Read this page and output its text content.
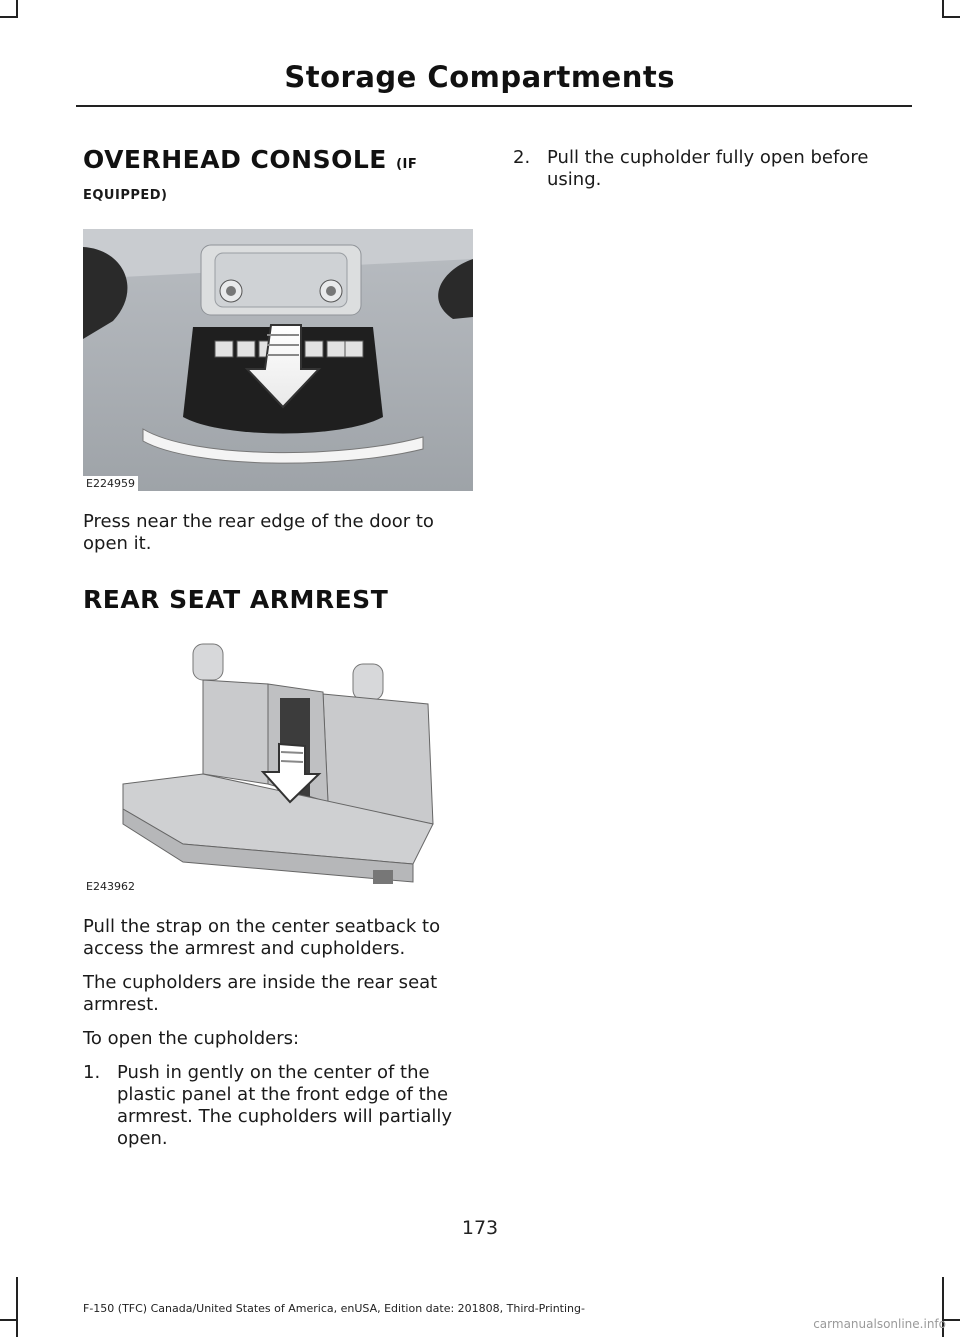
Storage Compartments
OVERHEAD CONSOLE (IF
EQUIPPED)
E224959

Press near the rear edge of the door to open it.

REAR SEAT ARMREST
E243962

Pull the strap on the center seatback to access the armrest and cupholders.

The cupholders are inside the rear seat armrest.

To open the cupholders:

1. Push in gently on the center of the plastic panel at the front edge of the armrest. The cupholders will partially open.
2. Pull the cupholder fully open before using.
173
F-150 (TFC) Canada/United States of America, enUSA, Edition date: 201808, Third-Printing-
carmanualsonline.info
